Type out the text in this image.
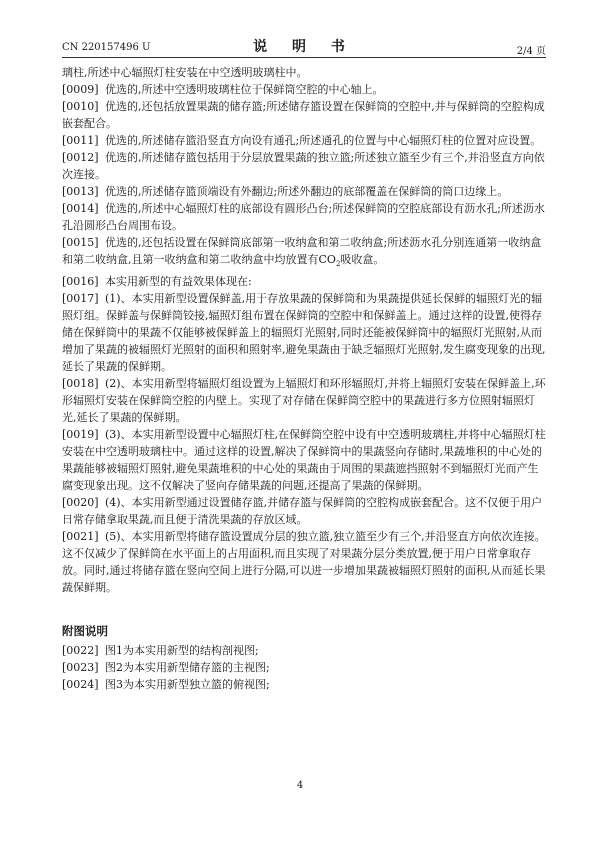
CN 220157496 U	说 明 书	2/4 页

璃柱,所述中心辐照灯柱安装在中空透明玻璃柱中。

[0009] 优选的,所述中空透明玻璃柱位于保鲜筒空腔的中心轴上。

[0010] 优选的,还包括放置果蔬的储存篮;所述储存篮设置在保鲜筒的空腔中,并与保鲜筒的空腔构成嵌套配合。

[0011] 优选的,所述储存篮沿竖直方向设有通孔;所述通孔的位置与中心辐照灯柱的位置对应设置。

[0012] 优选的,所述储存篮包括用于分层放置果蔬的独立篮;所述独立篮至少有三个,并沿竖直方向依次连接。

[0013] 优选的,所述储存篮顶端设有外翻边;所述外翻边的底部覆盖在保鲜筒的筒口边缘上。

[0014] 优选的,所述中心辐照灯柱的底部设有圆形凸台;所述保鲜筒的空腔底部设有沥水孔;所述沥水孔沿圆形凸台周围布设。

[0015] 优选的,还包括设置在保鲜筒底部第一收纳盒和第二收纳盒;所述沥水孔分别连通第一收纳盒和第二收纳盒,且第一收纳盒和第二收纳盒中均放置有$CO_2$吸收盒。

[0016] 本实用新型的有益效果体现在:

[0017] (1)、本实用新型设置保鲜盖,用于存放果蔬的保鲜筒和为果蔬提供延长保鲜的辐照灯光的辐照灯组。保鲜盖与保鲜筒铰接,辐照灯组布置在保鲜筒的空腔中和保鲜盖上。通过这样的设置,使得存储在保鲜筒中的果蔬不仅能够被保鲜盖上的辐照灯光照射,同时还能被保鲜筒中的辐照灯光照射,从而增加了果蔬的被辐照灯光照射的面积和照射率,避免果蔬由于缺乏辐照灯光照射,发生腐变现象的出现,延长了果蔬的保鲜期。

[0018] (2)、本实用新型将辐照灯组设置为上辐照灯和环形辐照灯,并将上辐照灯安装在保鲜盖上,环形辐照灯安装在保鲜筒空腔的内壁上。实现了对存储在保鲜筒空腔中的果蔬进行多方位照射辐照灯光,延长了果蔬的保鲜期。

[0019] (3)、本实用新型设置中心辐照灯柱,在保鲜筒空腔中设有中空透明玻璃柱,并将中心辐照灯柱安装在中空透明玻璃柱中。通过这样的设置,解决了保鲜筒中的果蔬竖向存储时,果蔬堆积的中心处的果蔬能够被辐照灯照射,避免果蔬堆积的中心处的果蔬由于周围的果蔬遮挡照射不到辐照灯光而产生腐变现象出现。这不仅解决了竖向存储果蔬的问题,还提高了果蔬的保鲜期。

[0020] (4)、本实用新型通过设置储存篮,并储存篮与保鲜筒的空腔构成嵌套配合。这不仅便于用户日常存储拿取果蔬,而且便于清洗果蔬的存放区域。

[0021] (5)、本实用新型将储存篮设置成分层的独立篮,独立篮至少有三个,并沿竖直方向依次连接。这不仅减少了保鲜筒在水平面上的占用面积,而且实现了对果蔬分层分类放置,便于用户日常拿取存放。同时,通过将储存篮在竖向空间上进行分隔,可以进一步增加果蔬被辐照灯照射的面积,从而延长果蔬保鲜期。

附图说明

[0022] 图1为本实用新型的结构剖视图;

[0023] 图2为本实用新型储存篮的主视图;

[0024] 图3为本实用新型独立篮的俯视图;

4
